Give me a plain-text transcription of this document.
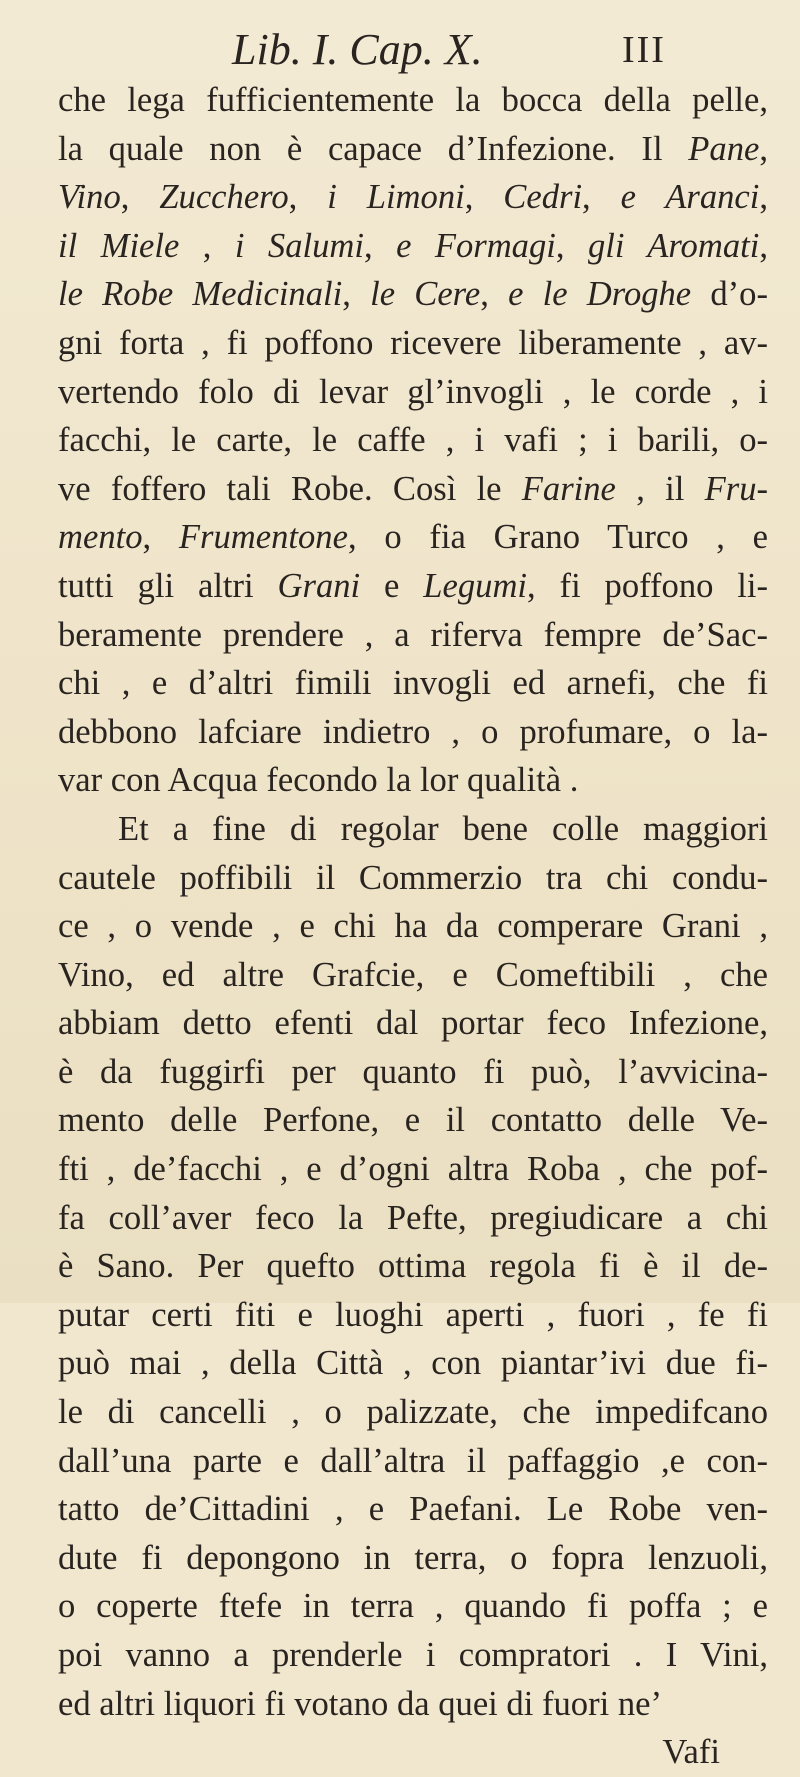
Lib. I. Cap. X.	III
che lega fufficientemente la bocca della pelle,
la quale non è capace d’Infezione. Il Pane,
Vino, Zucchero, i Limoni, Cedri, e Aranci,
il Miele , i Salumi, e Formagi, gli Aromati,
le Robe Medicinali, le Cere, e le Droghe d’o-
gni forta , fi poffono ricevere liberamente , av-
vertendo folo di levar gl’invogli , le corde , i
facchi, le carte, le caffe , i vafi ; i barili, o-
ve foffero tali Robe. Così le Farine , il Fru-
mento, Frumentone, o fia Grano Turco , e
tutti gli altri Grani e Legumi, fi poffono li-
beramente prendere , a riferva fempre de’Sac-
chi , e d’altri fimili invogli ed arnefi, che fi
debbono lafciare indietro , o profumare, o la-
var con Acqua fecondo la lor qualità .
Et a fine di regolar bene colle maggiori
cautele poffibili il Commerzio tra chi condu-
ce , o vende , e chi ha da comperare Grani ,
Vino, ed altre Grafcie, e Comeftibili , che
abbiam detto efenti dal portar feco Infezione,
è da fuggirfi per quanto fi può, l’avvicina-
mento delle Perfone, e il contatto delle Ve-
fti , de’facchi , e d’ogni altra Roba , che pof-
fa coll’aver feco la Pefte, pregiudicare a chi
è Sano. Per quefto ottima regola fi è il de-
putar certi fiti e luoghi aperti , fuori , fe fi
può mai , della Città , con piantar’ivi due fi-
le di cancelli , o palizzate, che impedifcano
dall’una parte e dall’altra il paffaggio ,e con-
tatto de’Cittadini , e Paefani. Le Robe ven-
dute fi depongono in terra, o fopra lenzuoli,
o coperte ftefe in terra , quando fi poffa ; e
poi vanno a prenderle i compratori . I Vini,
ed altri liquori fi votano da quei di fuori ne’
Vafi
